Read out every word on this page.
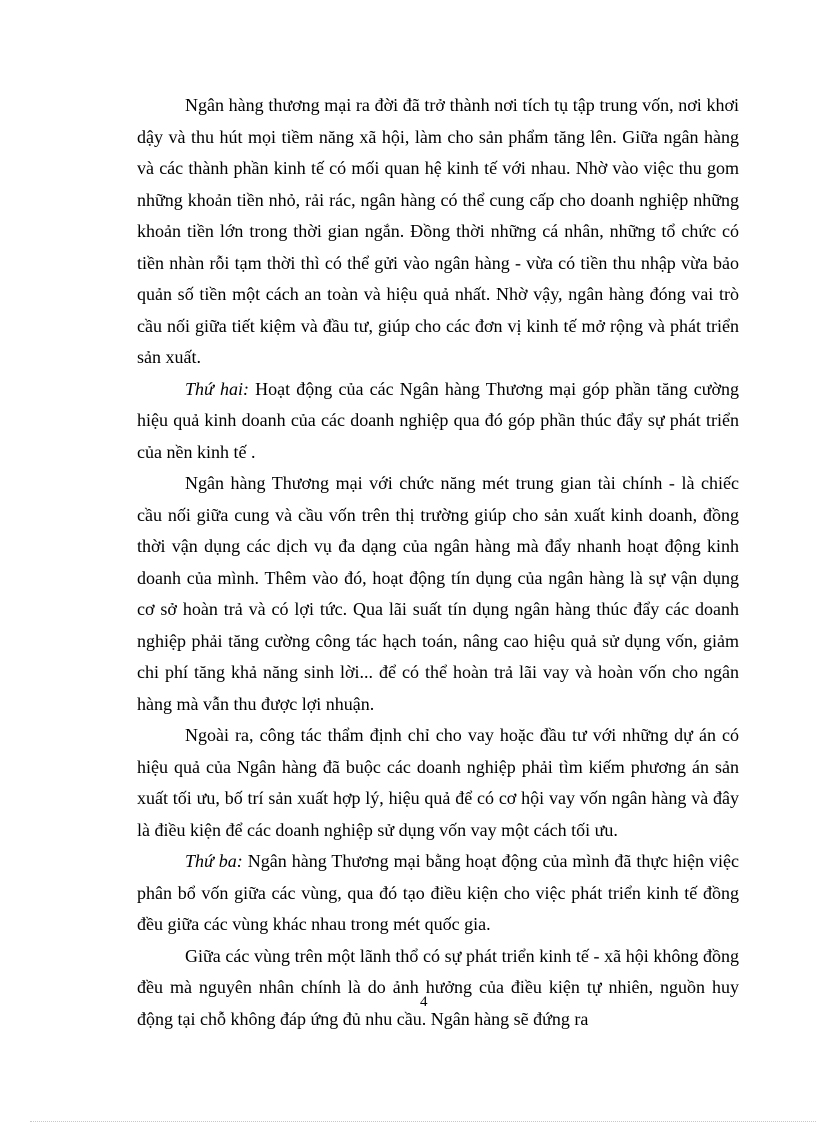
Ngân hàng thương mại ra đời đã trở thành nơi tích tụ tập trung vốn, nơi khơi dậy và thu hút mọi tiềm năng xã hội, làm cho sản phẩm tăng lên. Giữa ngân hàng và các thành phần kinh tế có mối quan hệ kinh tế với nhau. Nhờ vào việc thu gom những khoản tiền nhỏ, rải rác, ngân hàng có thể cung cấp cho doanh nghiệp những khoản tiền lớn trong thời gian ngắn. Đồng thời những cá nhân, những tổ chức có tiền nhàn rỗi tạm thời thì có thể gửi vào ngân hàng - vừa có tiền thu nhập vừa bảo quản số tiền một cách an toàn và hiệu quả nhất. Nhờ vậy, ngân hàng đóng vai trò cầu nối giữa tiết kiệm và đầu tư, giúp cho các đơn vị kinh tế mở rộng và phát triển sản xuất.

Thứ hai: Hoạt động của các Ngân hàng Thương mại góp phần tăng cường hiệu quả kinh doanh của các doanh nghiệp qua đó góp phần thúc đẩy sự phát triển của nền kinh tế .

Ngân hàng Thương mại với chức năng mét trung gian tài chính - là chiếc cầu nối giữa cung và cầu vốn trên thị trường giúp cho sản xuất kinh doanh, đồng thời vận dụng các dịch vụ đa dạng của ngân hàng mà đẩy nhanh hoạt động kinh doanh của mình. Thêm vào đó, hoạt động tín dụng của ngân hàng là sự vận dụng cơ sở hoàn trả và có lợi tức. Qua lãi suất tín dụng ngân hàng thúc đẩy các doanh nghiệp phải tăng cường công tác hạch toán, nâng cao hiệu quả sử dụng vốn, giảm chi phí tăng khả năng sinh lời... để có thể hoàn trả lãi vay và hoàn vốn cho ngân hàng mà vẫn thu được lợi nhuận.

Ngoài ra, công tác thẩm định chỉ cho vay hoặc đầu tư với những dự án có hiệu quả của Ngân hàng đã buộc các doanh nghiệp phải tìm kiếm phương án sản xuất tối ưu, bố trí sản xuất hợp lý, hiệu quả để có cơ hội vay vốn ngân hàng và đây là điều kiện để các doanh nghiệp sử dụng vốn vay một cách tối ưu.

Thứ ba: Ngân hàng Thương mại bằng hoạt động của mình đã thực hiện việc phân bổ vốn giữa các vùng, qua đó tạo điều kiện cho việc phát triển kinh tế đồng đều giữa các vùng khác nhau trong mét quốc gia.

Giữa các vùng trên một lãnh thổ có sự phát triển kinh tế - xã hội không đồng đều mà nguyên nhân chính là do ảnh hưởng của điều kiện tự nhiên, nguồn huy động tại chỗ không đáp ứng đủ nhu cầu. Ngân hàng sẽ đứng ra

4
